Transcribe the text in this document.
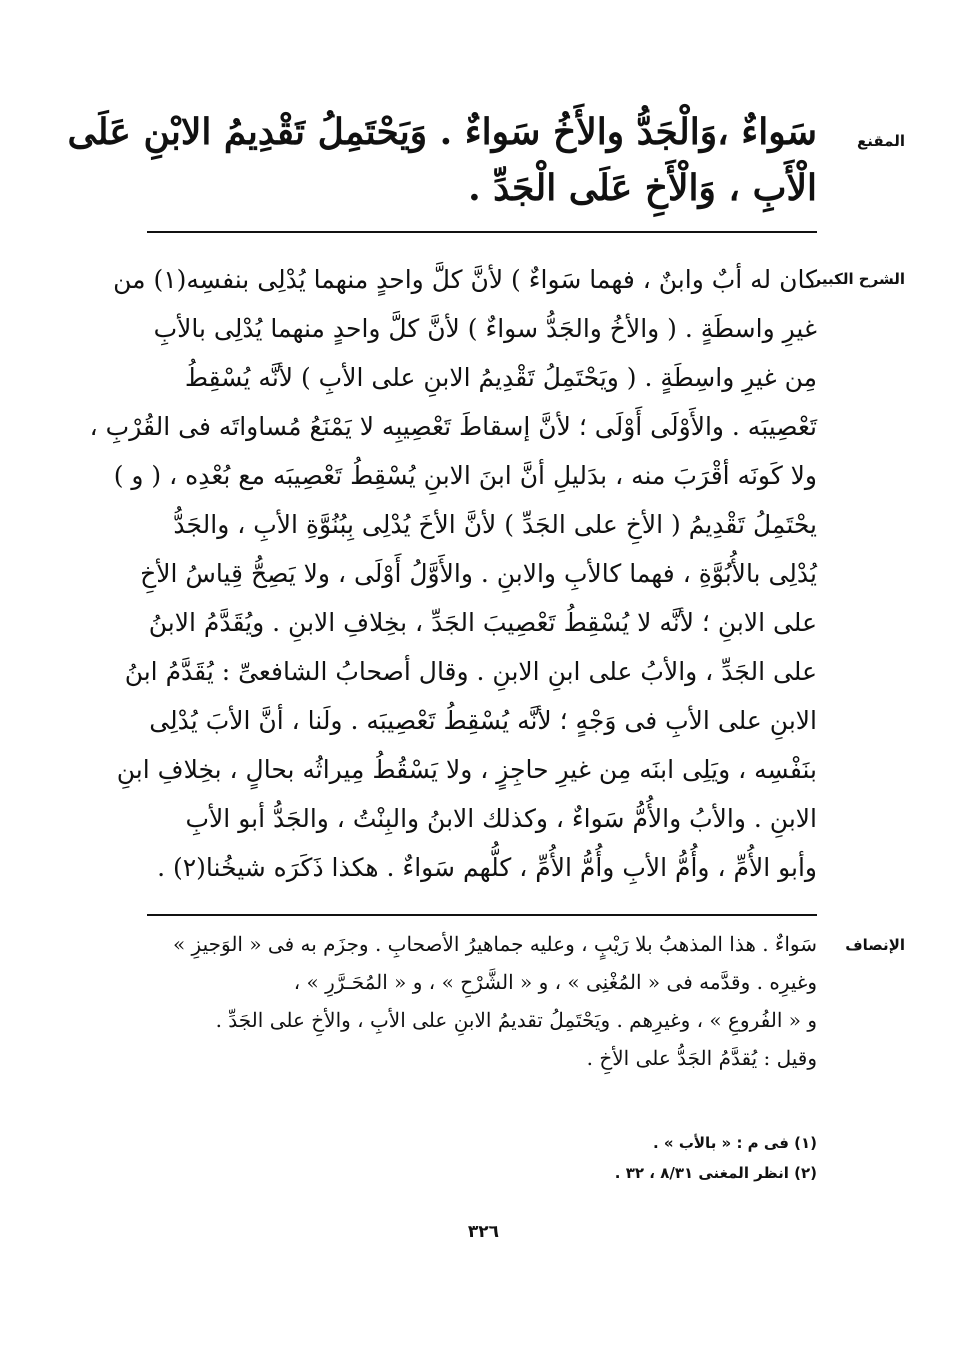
المقنع
سَواءٌ ،وَالْجَدُّ والأَخُ سَواءٌ . وَيَحْتَمِلُ تَقْدِيمُ الابْنِ عَلَى
الْأَبِ ، وَالْأَخِ عَلَى الْجَدِّ .
الشرح الكبير
كان له أبٌ وابنٌ ، فهما سَواءٌ ) لأنَّ كلَّ واحدٍ منهما يُدْلِى بنفسِه(١) من
غيرِ واسطَةٍ . ( والأخُ والجَدُّ سواءٌ ) لأنَّ كلَّ واحدٍ منهما يُدْلِى بالأبِ
مِن غيرِ واسِطَةٍ . ( ويَحْتَمِلُ تَقْدِيمُ الابنِ على الأبِ ) لأنَّه يُسْقِطُ
تَعْصِيبَه . والأَوْلَى أَوْلَى ؛ لأنَّ إسقاطَ تَعْصِيبِه لا يَمْنَعُ مُساواتَه فى القُرْبِ ،
ولا كَونَه أقْرَبَ منه ، بدَليلِ أنَّ ابنَ الابنِ يُسْقِطُ تَعْصِيبَه مع بُعْدِه ، ( و )
يحْتَمِلُ تَقْدِيمُ ( الأخِ على الجَدِّ ) لأنَّ الأخَ يُدْلِى بِبُنُوَّةِ الأبِ ، والجَدُّ
يُدْلِى بالأُبُوَّةِ ، فهما كالأبِ والابنِ . والأَوَّلُ أَوْلَى ، ولا يَصِحُّ قِياسُ الأخِ
على الابنِ ؛ لأنَّه لا يُسْقِطُ تَعْصِيبَ الجَدِّ ، بخِلافِ الابنِ . ويُقَدَّمُ الابنُ
على الجَدِّ ، والأبُ على ابنِ الابنِ . وقال أصحابُ الشافعىِّ : يُقَدَّمُ ابنُ
الابنِ على الأبِ فى وَجْهٍ ؛ لأنَّه يُسْقِطُ تَعْصِيبَه . ولَنا ، أنَّ الأبَ يُدْلِى
بنَفْسِه ، ويَلِى ابنَه مِن غيرِ حاجِزٍ ، ولا يَسْقُطُ مِيراثُه بحالٍ ، بخِلافِ ابنِ
الابنِ . والأبُ والأُمُّ سَواءٌ ، وكذلك الابنُ والبِنْتُ ، والجَدُّ أبو الأبِ
وأبو الأُمِّ ، وأُمُّ الأبِ وأُمُّ الأُمِّ ، كلُّهم سَواءٌ . هكذا ذَكَرَه شيخُنا(٢) .
الإنصاف
سَواءٌ . هذا المذهبُ بلا رَيْبٍ ، وعليه جماهيرُ الأصحابِ . وجزَم به فى « الوَجيزِ »
وغيرِه . وقدَّمه فى « المُغْنِى » ، و « الشَّرْحِ » ، و « المُحَـرَّرِ » ،
و « الفُروعِ » ، وغيرِهم . ويَحْتَمِلُ تقديمُ الابنِ على الأبِ ، والأخِ على الجَدِّ .
وقيل : يُقدَّمُ الجَدُّ على الأخِ .
(١) فى م : « بالأب » .
(٢) انظر المغنى ٨/٣١ ، ٣٢ .
٣٢٦
